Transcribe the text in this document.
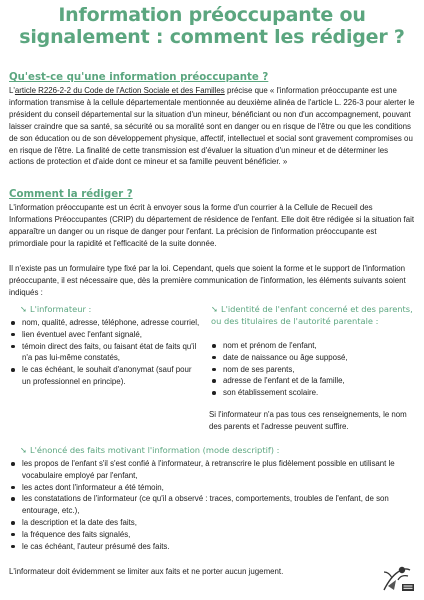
Information préoccupante ou
signalement : comment les rédiger ?
Qu'est-ce qu'une information préoccupante ?
L'article R226-2-2 du Code de l'Action Sociale et des Familles précise que « l'information préoccupante est une information transmise à la cellule départementale mentionnée au deuxième alinéa de l'article L. 226-3 pour alerter le président du conseil départemental sur la situation d'un mineur, bénéficiant ou non d'un accompagnement, pouvant laisser craindre que sa santé, sa sécurité ou sa moralité sont en danger ou en risque de l'être ou que les conditions de son éducation ou de son développement physique, affectif, intellectuel et social sont gravement compromises ou en risque de l'être. La finalité de cette transmission est d'évaluer la situation d'un mineur et de déterminer les actions de protection et d'aide dont ce mineur et sa famille peuvent bénéficier. »
Comment la rédiger ?
L'information préoccupante est un écrit à envoyer sous la forme d'un courrier à la Cellule de Recueil des Informations Préoccupantes (CRIP) du département de résidence de l'enfant. Elle doit être rédigée si la situation fait apparaître un danger ou un risque de danger pour l'enfant. La précision de l'information préoccupante est primordiale pour la rapidité et l'efficacité de la suite donnée.
Il n'existe pas un formulaire type fixé par la loi. Cependant, quels que soient la forme et le support de l'information préoccupante, il est nécessaire que, dès la première communication de l'information, les éléments suivants soient indiqués :
➘ L'informateur :
nom, qualité, adresse, téléphone, adresse courriel,
lien éventuel avec l'enfant signalé,
témoin direct des faits, ou faisant état de faits qu'il n'a pas lui-même constatés,
le cas échéant, le souhait d'anonymat (sauf pour un professionnel en principe).
➘ L'identité de l'enfant concerné et des parents, ou des titulaires de l'autorité parentale :
nom et prénom de l'enfant,
date de naissance ou âge supposé,
nom de ses parents,
adresse de l'enfant et de la famille,
son établissement scolaire.
Si l'informateur n'a pas tous ces renseignements, le nom des parents et l'adresse peuvent suffire.
➘ L'énoncé des faits motivant l'information (mode descriptif) :
les propos de l'enfant s'il s'est confié à l'informateur, à retranscrire le plus fidèlement possible en utilisant le vocabulaire employé par l'enfant,
les actes dont l'informateur a été témoin,
les constatations de l'informateur (ce qu'il a observé : traces, comportements, troubles de l'enfant, de son entourage, etc.),
la description et la date des faits,
la fréquence des faits signalés,
le cas échéant, l'auteur présumé des faits.
L'informateur doit évidemment se limiter aux faits et ne porter aucun jugement.
